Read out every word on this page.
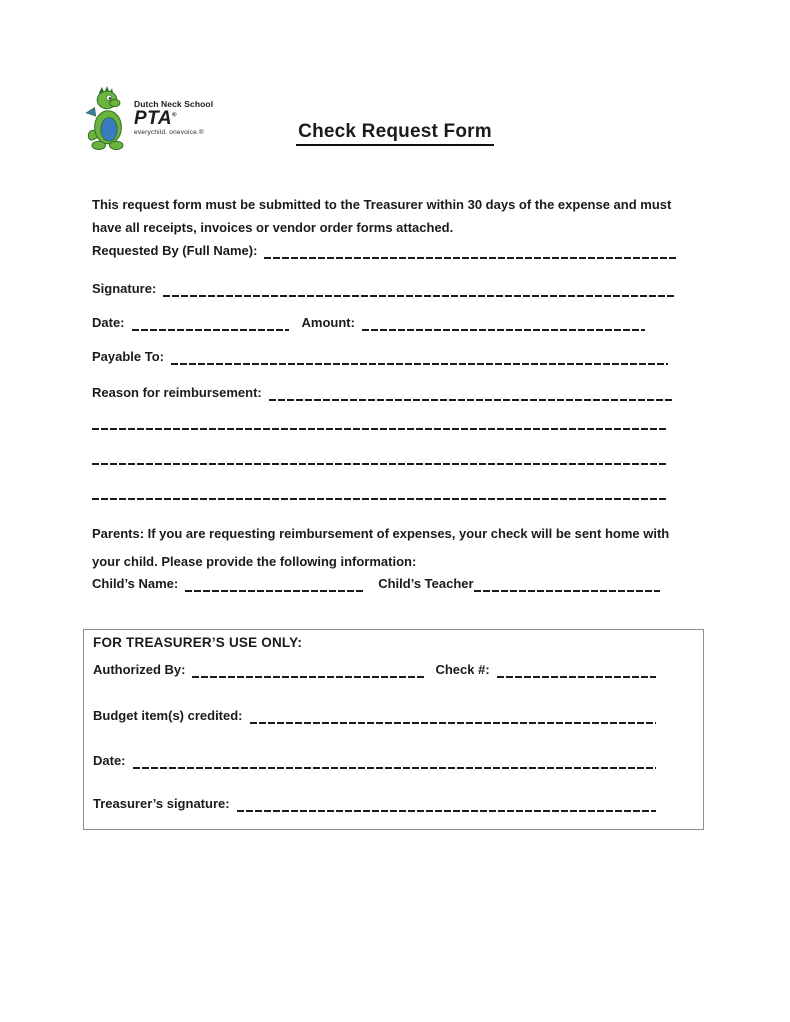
Dutch Neck School
PTA®
everychild. onevoice.®	Check Request Form
This request form must be submitted to the Treasurer within 30 days of the expense and must have all receipts, invoices or vendor order forms attached.
Requested By (Full Name):
Signature:
Date:	Amount:
Payable To:
Reason for reimbursement:
Parents: If you are requesting reimbursement of expenses, your check will be sent home with your child. Please provide the following information:
Child’s Name:	Child’s Teacher
FOR TREASURER’S USE ONLY:
Authorized By:	Check #:
Budget item(s) credited:
Date:
Treasurer’s signature:
